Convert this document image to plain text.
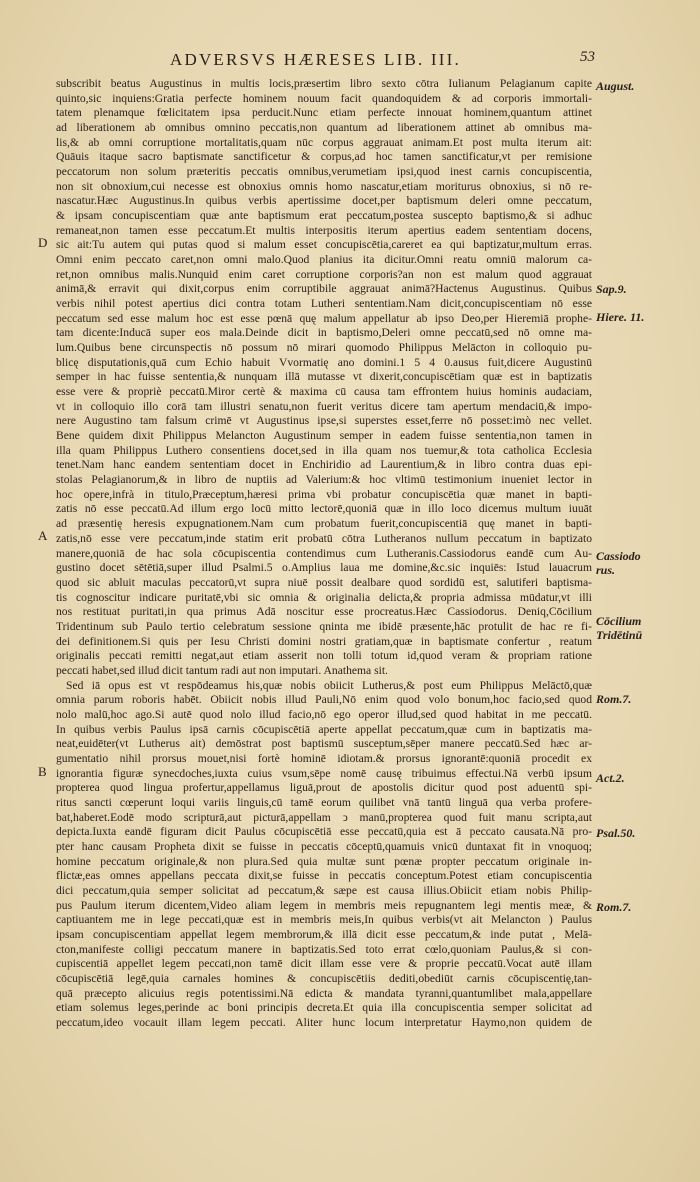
ADVERSVS HÆRESES LIB. III.	53
D
A
B
August.
Sap.9.
Hiere. 11.
Cassiodo rus.
Cōcilium Tridētinū
Rom.7.
Act.2.
Psal.50.
Rom.7.
subscribit beatus Augustinus in multis locis,præsertim libro sexto cōtra Iulianum Pelagianum capite
quinto,sic inquiens:Gratia perfecte hominem nouum facit quandoquidem & ad corporis immortali-
tatem plenamque fœlicitatem ipsa perducit.Nunc etiam perfecte innouat hominem,quantum attinet
ad liberationem ab omnibus omnino peccatis,non quantum ad liberationem attinet ab omnibus ma-
lis,& ab omni corruptione mortalitatis,quam nūc corpus aggrauat animam.Et post multa iterum ait:
Quāuis itaque sacro baptismate sanctificetur & corpus,ad hoc tamen sanctificatur,vt per remisione
peccatorum non solum præteritis peccatis omnibus,verumetiam ipsi,quod inest carnis concupiscentia,
non sit obnoxium,cui necesse est obnoxius omnis homo nascatur,etiam moriturus obnoxius, si nō re-
nascatur.Hæc Augustinus.In quibus verbis apertissime docet,per baptismum deleri omne peccatum,
& ipsam concupiscentiam quæ ante baptismum erat peccatum,postea suscepto baptismo,& si adhuc
remaneat,non tamen esse peccatum.Et multis interpositis iterum apertius eadem sententiam docens,
sic ait:Tu autem qui putas quod si malum esset concupiscētia,careret ea qui baptizatur,multum erras.
Omni enim peccato caret,non omni malo.Quod planius ita dicitur.Omni reatu omniū malorum ca-
ret,non omnibus malis.Nunquid enim caret corruptione corporis?an non est malum quod aggrauat
animā,& erravit qui dixit,corpus enim corruptibile aggrauat animā?Hactenus Augustinus. Quibus
verbis nihil potest apertius dici contra totam Lutheri sententiam.Nam dicit,concupiscentiam nō esse
peccatum sed esse malum hoc est esse pœnā quę malum appellatur ab ipso Deo,per Hieremiā prophe-
tam dicente:Inducā super eos mala.Deinde dicit in baptismo,Deleri omne peccatū,sed nō omne ma-
lum.Quibus bene circunspectis nō possum nō mirari quomodo Philippus Melācton in colloquio pu-
blicę disputationis,quā cum Echio habuit Vvormatię ano domini.1 5 4 0.ausus fuit,dicere Augustinū
semper in hac fuisse sententia,& nunquam illā mutasse vt dixerit,concupiscētiam quæ est in baptizatis
esse vere & propriè peccatū.Miror certè & maxima cū causa tam effrontem huius hominis audaciam,
vt in colloquio illo corā tam illustri senatu,non fuerit veritus dicere tam apertum mendaciū,& impo-
nere Augustino tam falsum crimē vt Augustinus ipse,si superstes esset,ferre nō posset:imò nec vellet.
Bene quidem dixit Philippus Melancton Augustinum semper in eadem fuisse sententia,non tamen in
illa quam Philippus Luthero consentiens docet,sed in illa quam nos tuemur,& tota catholica Ecclesia
tenet.Nam hanc eandem sententiam docet in Enchiridio ad Laurentium,& in libro contra duas epi-
stolas Pelagianorum,& in libro de nuptiis ad Valerium:& hoc vltimū testimonium inueniet lector in
hoc opere,infrà in titulo,Præceptum,hæresi prima vbi probatur concupiscētia quæ manet in bapti-
zatis nō esse peccatū.Ad illum ergo locū mitto lectorē,quoniā quæ in illo loco dicemus multum iuuāt
ad præsentię heresis expugnationem.Nam cum probatum fuerit,concupiscentiā quę manet in bapti-
zatis,nō esse vere peccatum,inde statim erit probatū cōtra Lutheranos nullum peccatum in baptizato
manere,quoniā de hac sola cōcupiscentia contendimus cum Lutheranis.Cassiodorus eandē cum Au-
gustino docet sētētiā,super illud Psalmi.5 o.Amplius laua me domine,&c.sic inquiēs: Istud lauacrum
quod sic abluit maculas peccatorū,vt supra niuē possit dealbare quod sordidū est, salutiferi baptisma-
tis cognoscitur indicare puritatē,vbi sic omnia & originalia delicta,& propria admissa mūdatur,vt illi
nos restituat puritati,in qua primus Adā noscitur esse procreatus.Hæc Cassiodorus. Deniq,Cōcilium
Tridentinum sub Paulo tertio celebratum sessione qninta me ibidē præsente,hāc protulit de hac re fi-
dei definitionem.Si quis per Iesu Christi domini nostri gratiam,quæ in baptismate confertur , reatum
originalis peccati remitti negat,aut etiam asserit non tolli totum id,quod veram & propriam ratione
peccati habet,sed illud dicit tantum radi aut non imputari. Anathema sit.
Sed iā opus est vt respōdeamus his,quæ nobis obiicit Lutherus,& post eum Philippus Melāctō,quæ
omnia parum roboris habēt. Obiicit nobis illud Pauli,Nō enim quod volo bonum,hoc facio,sed quod
nolo malū,hoc ago.Si autē quod nolo illud facio,nō ego operor illud,sed quod habitat in me peccatū.
In quibus verbis Paulus ipsā carnis cōcupiscētiā aperte appellat peccatum,quæ cum in baptizatis ma-
neat,euidēter(vt Lutherus ait) demōstrat post baptismū susceptum,sēper manere peccatū.Sed hæc ar-
gumentatio nihil prorsus mouet,nisi fortè hominē idiotam.& prorsus ignorantē:quoniā procedit ex
ignorantia figuræ synecdoches,iuxta cuius vsum,sēpe nomē causę tribuimus effectui.Nā verbū ipsum
propterea quod lingua profertur,appellamus liguā,prout de apostolis dicitur quod post aduentū spi-
ritus sancti cœperunt loqui variis linguis,cū tamē eorum quilibet vnā tantū linguā qua verba profere-
bat,haberet.Eodē modo scripturā,aut picturā,appellam ͻ manū,propterea quod fuit manu scripta,aut
depicta.Iuxta eandē figuram dicit Paulus cōcupiscētiā esse peccatū,quia est ā peccato causata.Nā pro-
pter hanc causam Propheta dixit se fuisse in peccatis cōceptū,quamuis vnicū duntaxat fit in vnoquoq;
homine peccatum originale,& non plura.Sed quia multæ sunt pœnæ propter peccatum originale in-
flictæ,eas omnes appellans peccata dixit,se fuisse in peccatis conceptum.Potest etiam concupiscentia
dici peccatum,quia semper solicitat ad peccatum,& sæpe est causa illius.Obiicit etiam nobis Philip-
pus Paulum iterum dicentem,Video aliam legem in membris meis repugnantem legi mentis meæ, &
captiuantem me in lege peccati,quæ est in membris meis,In quibus verbis(vt ait Melancton ) Paulus
ipsam concupiscentiam appellat legem membrorum,& illā dicit esse peccatum,& inde putat , Melā-
cton,manifeste colligi peccatum manere in baptizatis.Sed toto errat cœlo,quoniam Paulus,& si con-
cupiscentiā appellet legem peccati,non tamē dicit illam esse vere & proprie peccatū.Vocat autē illam
cōcupiscētiā legē,quia carnales homines & concupiscētiis dediti,obediūt carnis cōcupiscentię,tan-
quā præcepto alicuius regis potentissimi.Nā edicta & mandata tyranni,quantumlibet mala,appellare
etiam solemus leges,perinde ac boni principis decreta.Et quia illa concupiscentia semper solicitat ad
peccatum,ideo vocauit illam legem peccati. Aliter hunc locum interpretatur Haymo,non quidem de
